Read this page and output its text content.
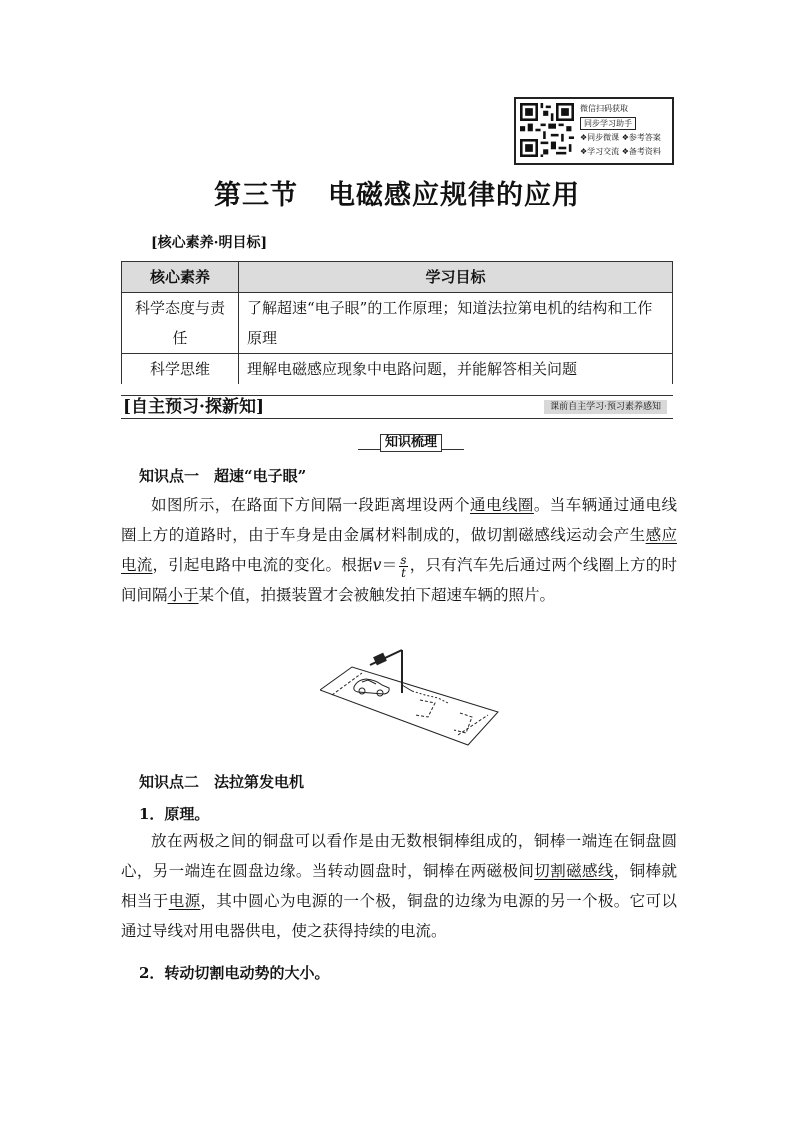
微信扫码获取
同步学习助手
❖同步微课 ❖参考答案
❖学习交流 ❖备考资料
第三节 电磁感应规律的应用
[核心素养·明目标]
核心素养	学习目标
科学态度与责任	了解超速“电子眼”的工作原理；知道法拉第电机的结构和工作原理
科学思维	理解电磁感应现象中电路问题，并能解答相关问题
[自主预习·探新知]	课前自主学习·预习素养感知
知识梳理
知识点一　超速“电子眼”
如图所示，在路面下方间隔一段距离埋设两个通电线圈。当车辆通过通电线圈上方的道路时，由于车身是由金属材料制成的，做切割磁感线运动会产生感应电流，引起电路中电流的变化。根据$v= \frac{s}{t}$ ，只有汽车先后通过两个线圈上方的时间间隔小于某个值，拍摄装置才会被触发拍下超速车辆的照片。
知识点二　法拉第发电机
1．原理。
放在两极之间的铜盘可以看作是由无数根铜棒组成的，铜棒一端连在铜盘圆心，另一端连在圆盘边缘。当转动圆盘时，铜棒在两磁极间切割磁感线，铜棒就相当于电源，其中圆心为电源的一个极，铜盘的边缘为电源的另一个极。它可以通过导线对用电器供电，使之获得持续的电流。
2．转动切割电动势的大小。
